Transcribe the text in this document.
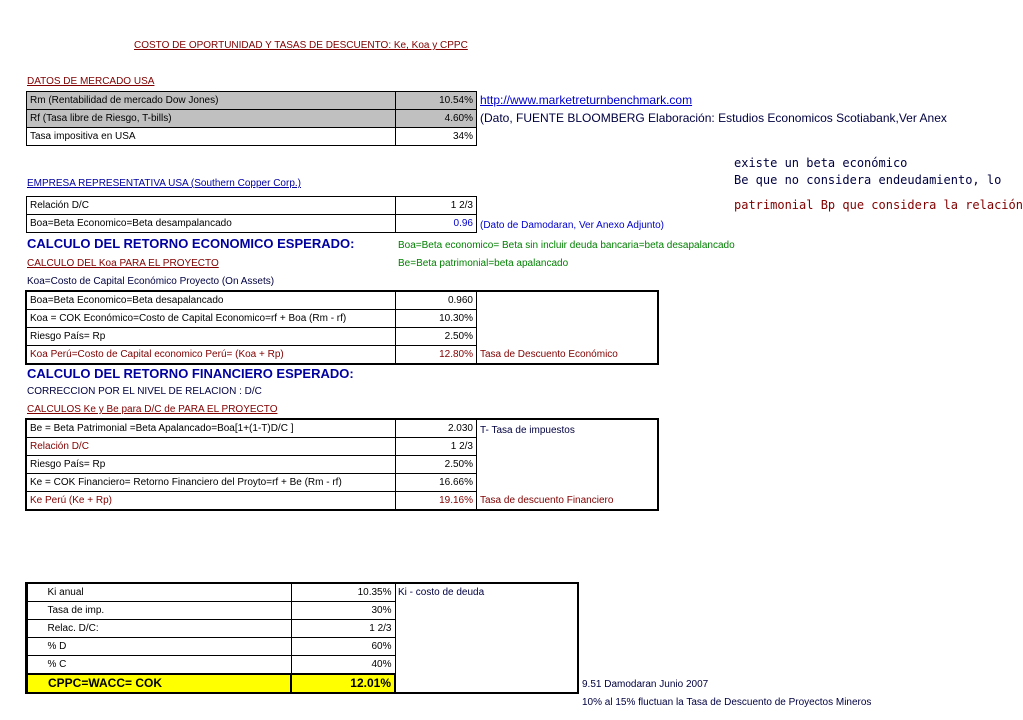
COSTO DE OPORTUNIDAD Y TASAS DE DESCUENTO: Ke, Koa y CPPC
DATOS DE MERCADO USA
Rm (Rentabilidad de mercado Dow Jones)	10.54%
Rf (Tasa libre de Riesgo, T-bills)	4.60%
Tasa impositiva en USA	34%
http://www.marketreturnbenchmark.com
(Dato, FUENTE BLOOMBERG Elaboración: Estudios Economicos Scotiabank,Ver Anex
existe un beta económico
Be que no considera endeudamiento, lo
patrimonial Bp que considera la relación
EMPRESA REPRESENTATIVA USA (Southern Copper Corp.)
Relación D/C	1 2/3
Boa=Beta Economico=Beta desampalancado	0.96 (Dato de Damodaran, Ver Anexo Adjunto)
CALCULO DEL RETORNO ECONOMICO ESPERADO:	Boa=Beta economico= Beta sin incluir deuda bancaria=beta desapalancado
CALCULO DEL Koa PARA EL PROYECTO	Be=Beta patrimonial=beta apalancado
Koa=Costo de Capital Económico Proyecto (On Assets)
Boa=Beta Economico=Beta desapalancado	0.960
Koa = COK Económico=Costo de Capital Economico=rf + Boa (Rm - rf)	10.30%
Riesgo País= Rp	2.50%
Koa Perú=Costo de Capital economico Perú= (Koa + Rp)	12.80% Tasa de Descuento Económico
CALCULO DEL RETORNO FINANCIERO ESPERADO:
CORRECCION POR EL NIVEL DE RELACION : D/C
CALCULOS Ke y Be para D/C de PARA EL PROYECTO
Be = Beta Patrimonial =Beta Apalancado=Boa[1+(1-T)D/C ]	2.030
Relación D/C	1 2/3
Riesgo País= Rp	2.50%
Ke = COK Financiero= Retorno Financiero del Proyto=rf + Be (Rm - rf)	16.66%
Ke Perú (Ke + Rp)	19.16%
T- Tasa de impuestos
Tasa de descuento Financiero
Ki anual	10.35%
Tasa de imp.	30%
Relac. D/C:	1 2/3
% D	60%
% C	40%
CPPC=WACC= COK	12.01%
Ki - costo de deuda
9.51 Damodaran Junio 2007
10% al 15% fluctuan la Tasa de Descuento de Proyectos Mineros
